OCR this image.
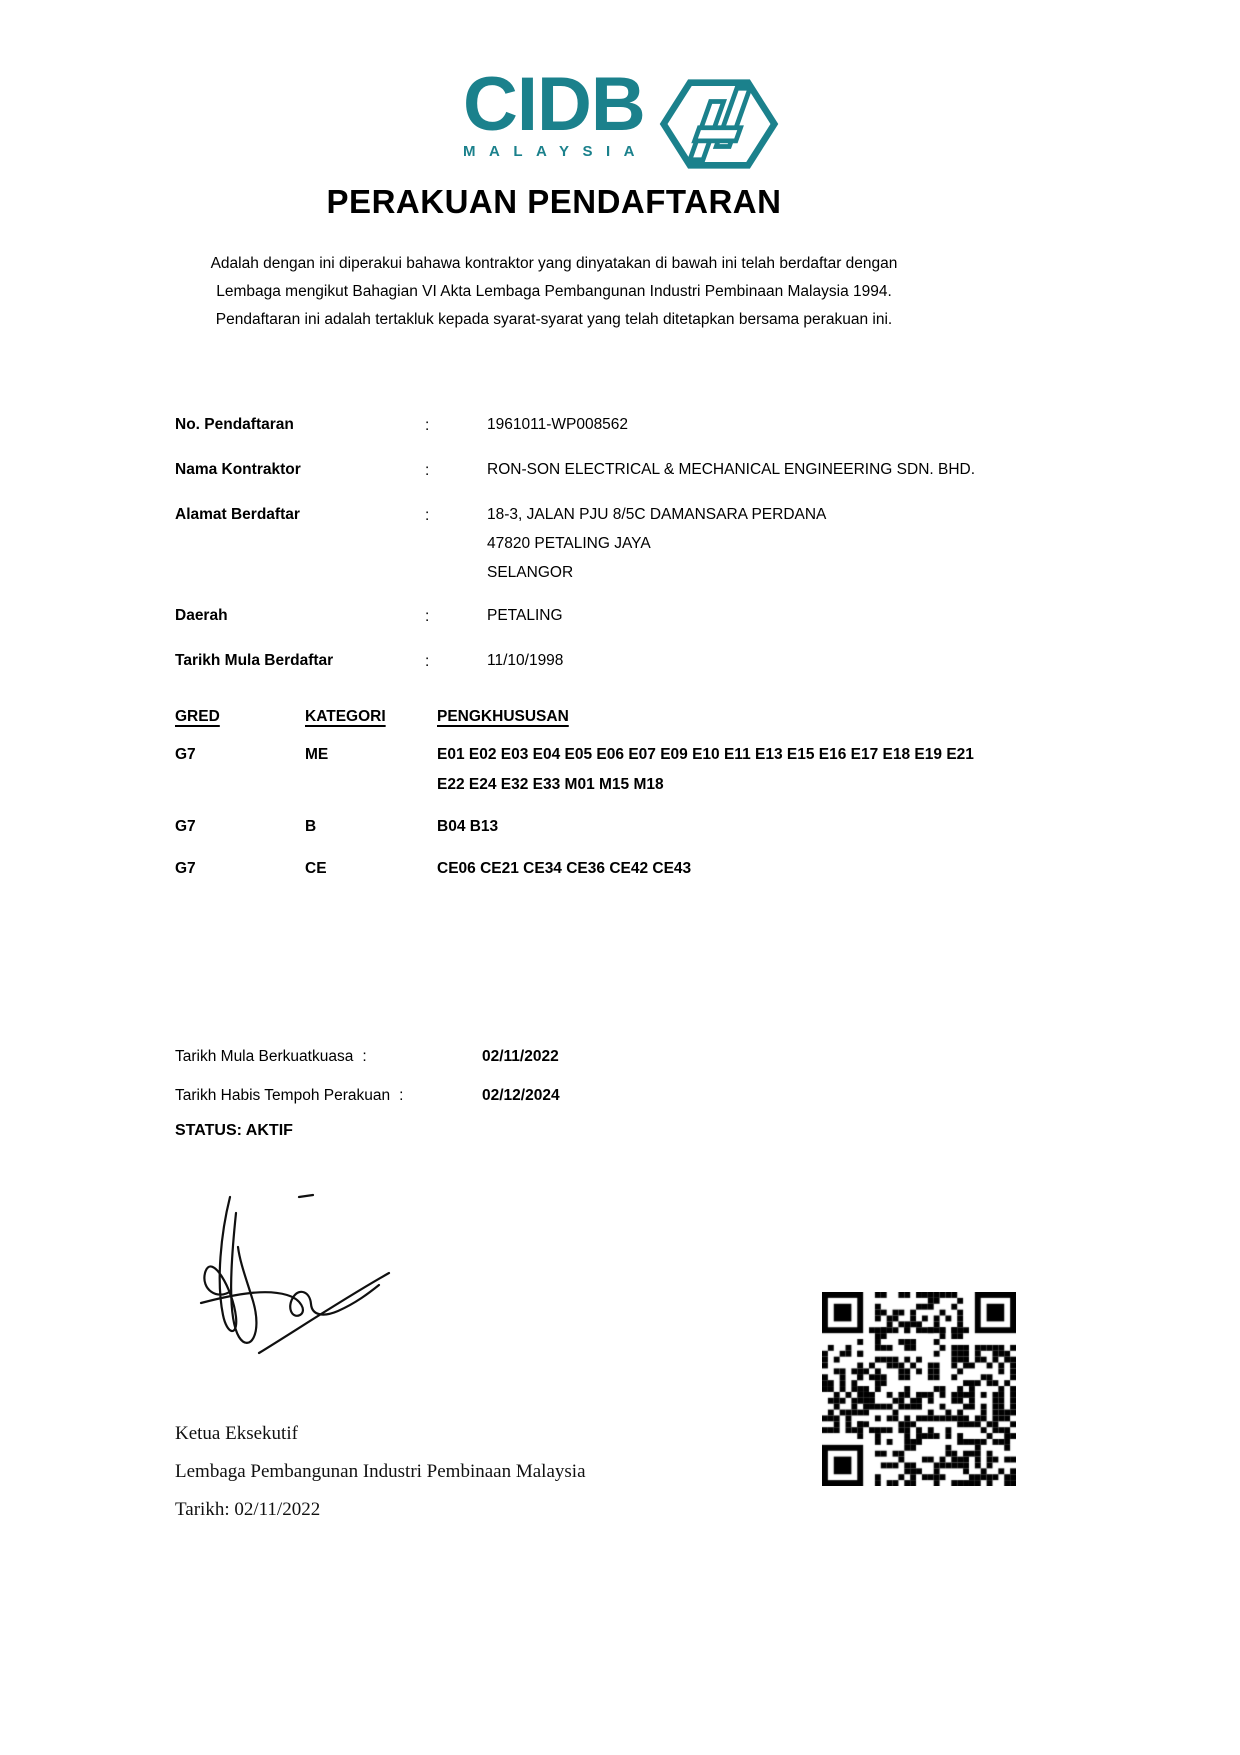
CIDB
MALAYSIA
PERAKUAN PENDAFTARAN

Adalah dengan ini diperakui bahawa kontraktor yang dinyatakan di bawah ini telah berdaftar dengan
Lembaga mengikut Bahagian VI Akta Lembaga Pembangunan Industri Pembinaan Malaysia 1994.
Pendaftaran ini adalah tertakluk kepada syarat-syarat yang telah ditetapkan bersama perakuan ini.

No. Pendaftaran	:	1961011-WP008562
Nama Kontraktor	:	RON-SON ELECTRICAL & MECHANICAL ENGINEERING SDN. BHD.
Alamat Berdaftar	:	18-3, JALAN PJU 8/5C DAMANSARA PERDANA
47820 PETALING JAYA
SELANGOR
Daerah	:	PETALING
Tarikh Mula Berdaftar	:	11/10/1998
GRED	KATEGORI	PENGKHUSUSAN
G7	ME	E01 E02 E03 E04 E05 E06 E07 E09 E10 E11 E13 E15 E16 E17 E18 E19 E21 E22 E24 E32 E33 M01 M15 M18
G7	B	B04 B13
G7	CE	CE06 CE21 CE34 CE36 CE42 CE43
Tarikh Mula Berkuatkuasa :	02/11/2022
Tarikh Habis Tempoh Perakuan :	02/12/2024
STATUS: AKTIF
Ketua Eksekutif
Lembaga Pembangunan Industri Pembinaan Malaysia
Tarikh: 02/11/2022
